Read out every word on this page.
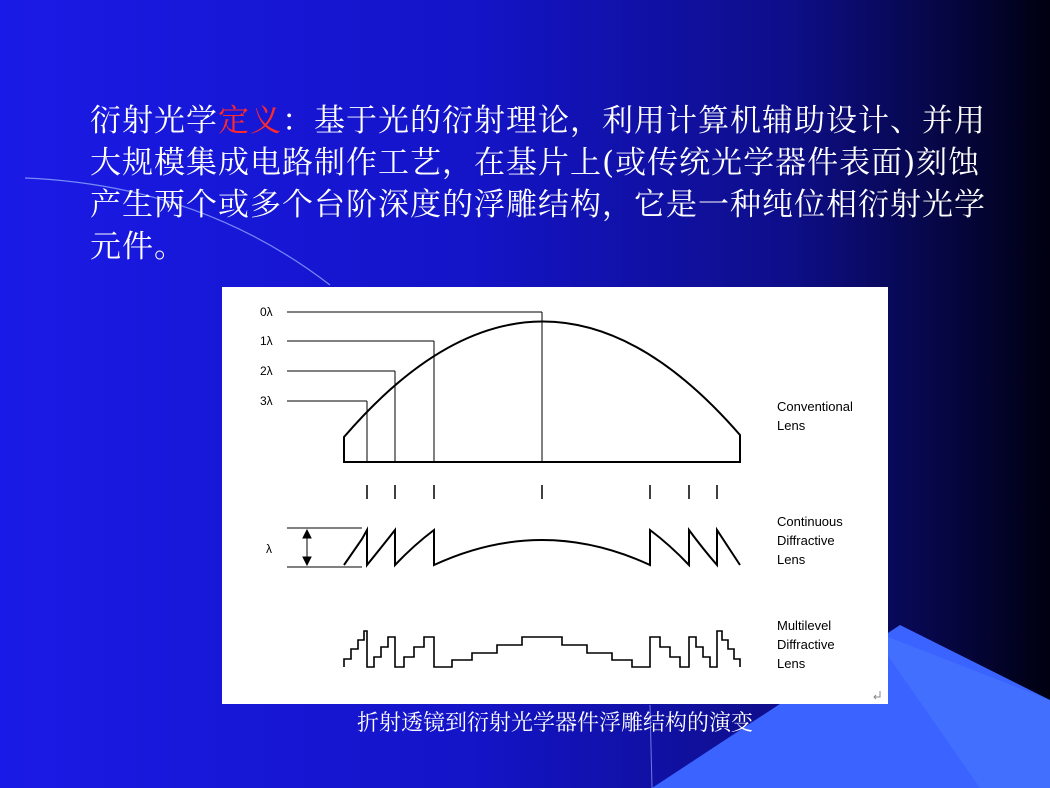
衍射光学定义：基于光的衍射理论，利用计算机辅助设计、并用大规模集成电路制作工艺，在基片上(或传统光学器件表面)刻蚀产生两个或多个台阶深度的浮雕结构，它是一种纯位相衍射光学元件。
0λ
1λ
2λ
3λ	Conventional
Lens
λ
Continuous
Diffractive
Lens
Multilevel
Diffractive
Lens
折射透镜到衍射光学器件浮雕结构的演变
